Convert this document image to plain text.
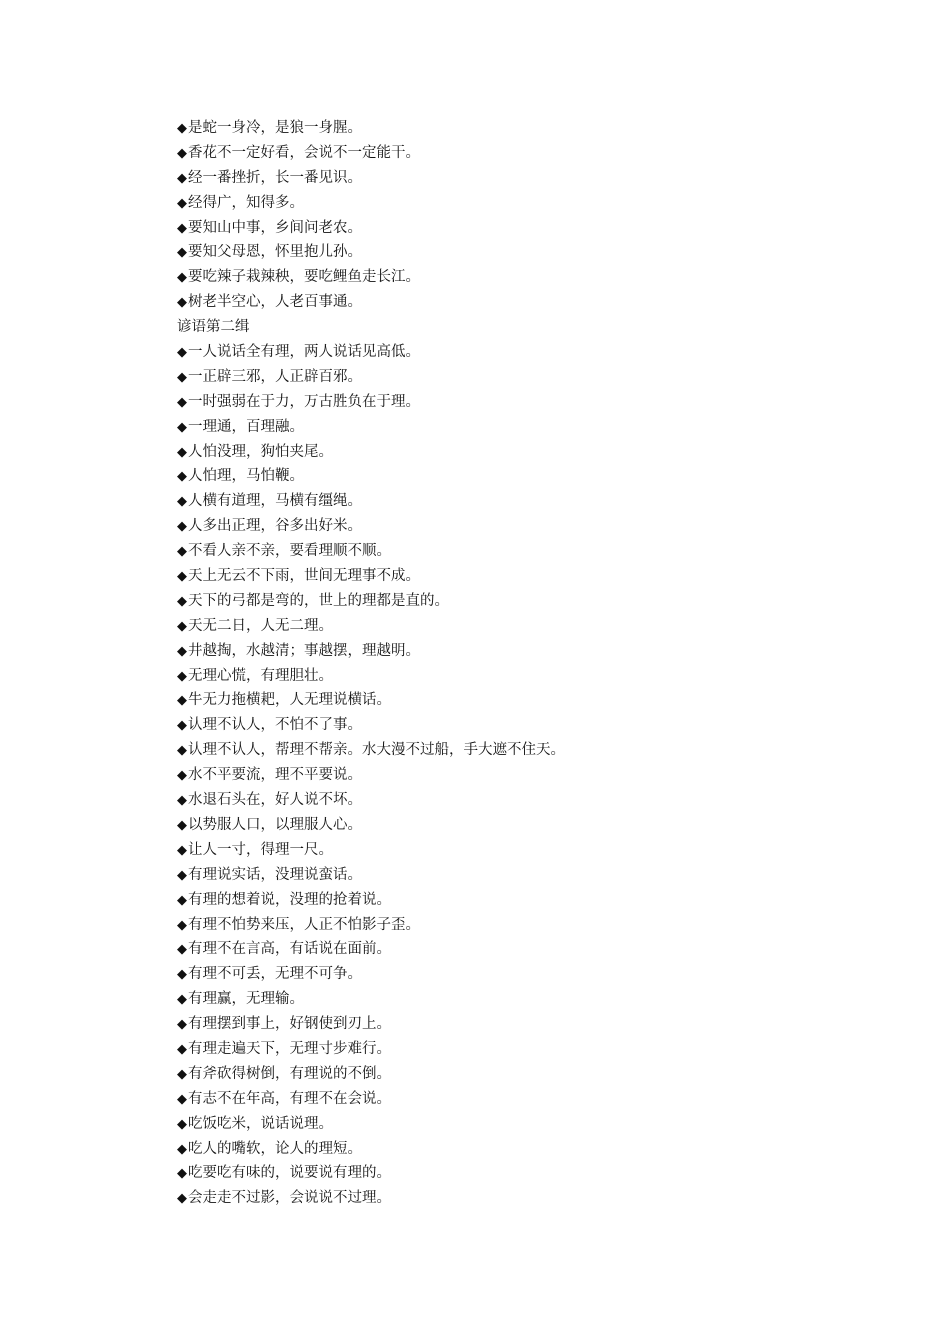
◆是蛇一身冷，是狼一身腥。
◆香花不一定好看，会说不一定能干。
◆经一番挫折，长一番见识。
◆经得广，知得多。
◆要知山中事，乡间问老农。
◆要知父母恩，怀里抱儿孙。
◆要吃辣子栽辣秧，要吃鲤鱼走长江。
◆树老半空心，人老百事通。
谚语第二缉
◆一人说话全有理，两人说话见高低。
◆一正辟三邪，人正辟百邪。
◆一时强弱在于力，万古胜负在于理。
◆一理通，百理融。
◆人怕没理，狗怕夹尾。
◆人怕理，马怕鞭。
◆人横有道理，马横有缰绳。
◆人多出正理，谷多出好米。
◆不看人亲不亲，要看理顺不顺。
◆天上无云不下雨，世间无理事不成。
◆天下的弓都是弯的，世上的理都是直的。
◆天无二日，人无二理。
◆井越掏，水越清；事越摆，理越明。
◆无理心慌，有理胆壮。
◆牛无力拖横耙，人无理说横话。
◆认理不认人，不怕不了事。
◆认理不认人，帮理不帮亲。水大漫不过船，手大遮不住天。
◆水不平要流，理不平要说。
◆水退石头在，好人说不坏。
◆以势服人口，以理服人心。
◆让人一寸，得理一尺。
◆有理说实话，没理说蛮话。
◆有理的想着说，没理的抢着说。
◆有理不怕势来压，人正不怕影子歪。
◆有理不在言高，有话说在面前。
◆有理不可丢，无理不可争。
◆有理赢，无理输。
◆有理摆到事上，好钢使到刃上。
◆有理走遍天下，无理寸步难行。
◆有斧砍得树倒，有理说的不倒。
◆有志不在年高，有理不在会说。
◆吃饭吃米，说话说理。
◆吃人的嘴软，论人的理短。
◆吃要吃有味的，说要说有理的。
◆会走走不过影，会说说不过理。
